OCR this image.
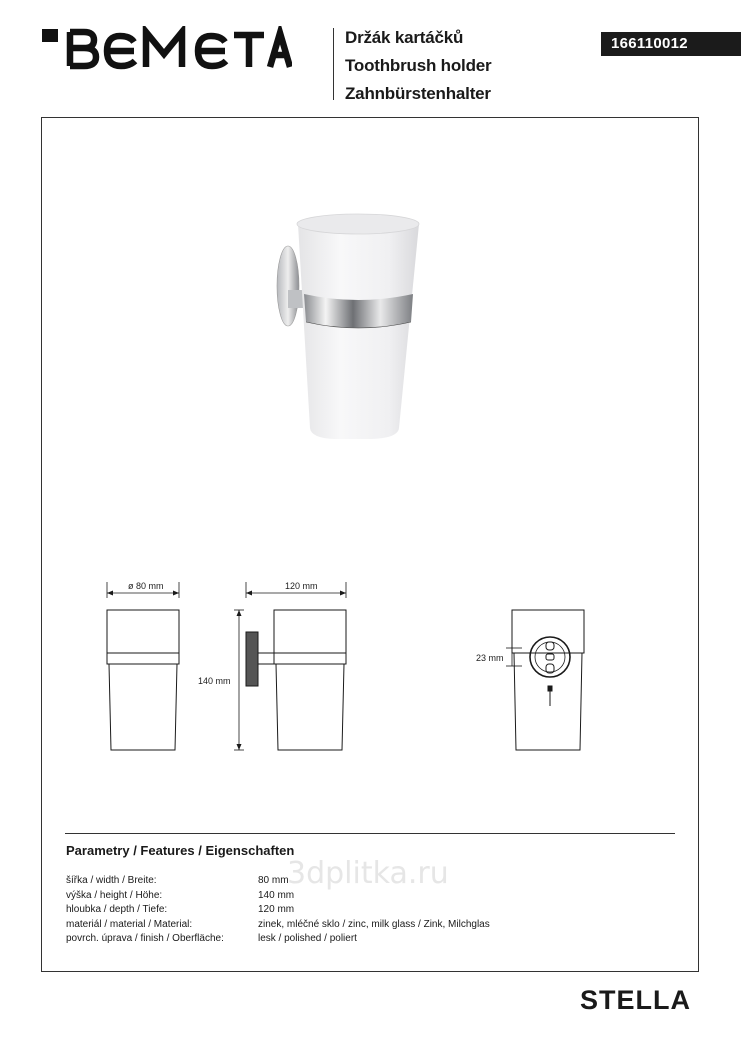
Držák kartáčků
Toothbrush holder
Zahnbürstenhalter
166110012
ø 80 mm	120 mm
140 mm
23 mm
Parametry / Features / Eigenschaften
3dplitka.ru
šířka / width / Breite:	80 mm
výška / height / Höhe:	140 mm
hloubka / depth / Tiefe:	120 mm
materiál / material / Material:	zinek, mléčné sklo / zinc, milk glass / Zink, Milchglas
povrch. úprava / finish / Oberfläche:	lesk / polished / poliert
STELLA
